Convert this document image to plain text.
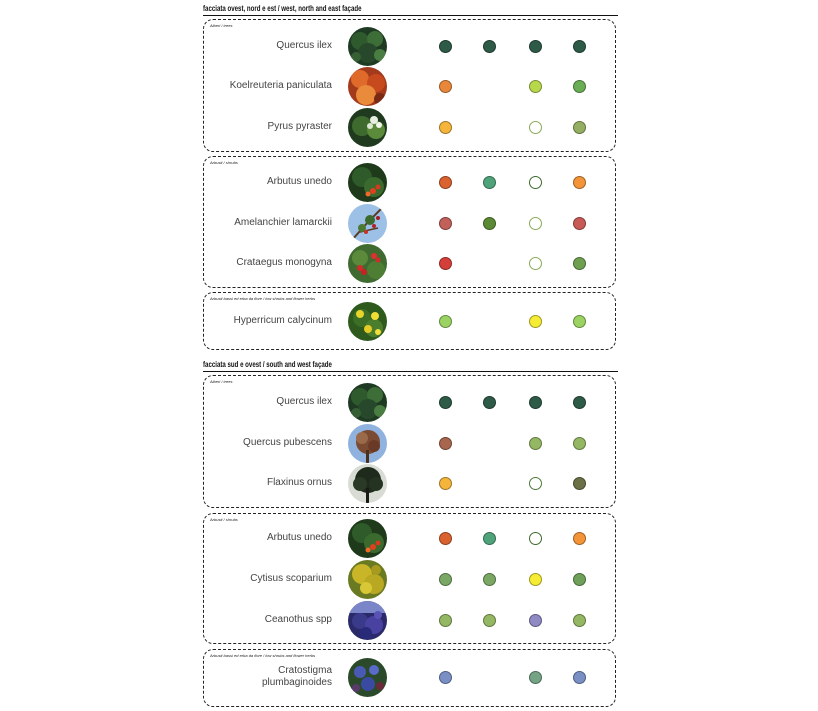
facciata ovest, nord e est / west, north and east façade
Alberi / trees
Quercus ilex
Koelreuteria paniculata
Pyrus pyraster
Arbusti / shrubs
Arbutus unedo
Amelanchier lamarckii
Crataegus monogyna
Arbusti bassi ed erba da fiore / low shrubs and flower herbs
Hyperricum calycinum
facciata sud e ovest / south and west façade
Alberi / trees
Quercus ilex
Quercus pubescens
Flaxinus ornus
Arbusti / shrubs
Arbutus unedo
Cytisus scoparium
Ceanothus spp
Arbusti bassi ed erba da fiore / low shrubs and flower herbs
Cratostigma plumbaginoides
